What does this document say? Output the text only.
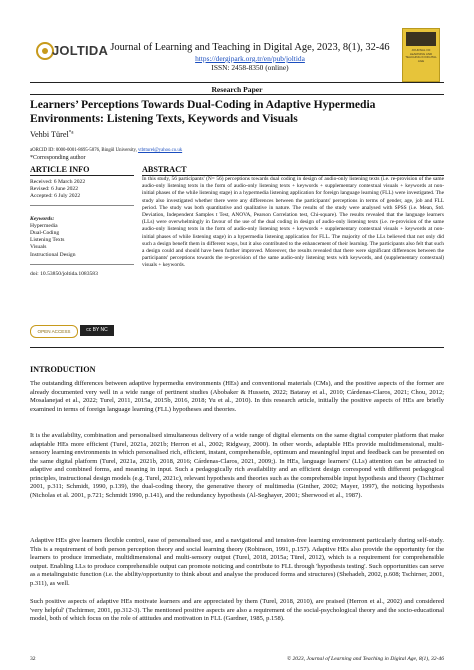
JOLTIDA Journal of Learning and Teaching in Digital Age, 2023, 8(1), 32-46
https://dergipark.org.tr/en/pub/joltida
ISSN: 2458-8350 (online)
JOURNAL OF LEARNING AND TEACHING IN DIGITAL AGE
Research Paper
Learners’ Perceptions Towards Dual-Coding in Adaptive Hypermedia Environments: Listening Texts, Keywords and Visuals
Vehbi Türel$^{*a}$
aORCID ID: 0000-0001-8695-5876, Bingöl University, vtbtturel@yahoo.co.uk
*Corresponding author
ARTICLE INFO
Received: 6 March 2022
Revised: 6 June 2022
Accepted: 6 July 2022
Keywords:
Hypermedia
Dual-Coding
Listening Texts
Visuals
Instructional Design
doi: 10.53850/joltida.1083583
ABSTRACT
In this study, 56 participants' (N= 56) perceptions towards dual coding in design of audio-only listening texts (i.e. re-provision of the same audio-only listening texts in the form of audio-only listening texts + keywords + supplementary contextual visuals + keywords at non-initial phases of the while listening stage) in a hypermedia listening application for foreign language learning (FLL) were investigated. The study also investigated whether there were any differences between the participants' perceptions in terms of gender, age, job and FLL period. The study was both quantitative and qualitative in nature. The results of the study were analysed with SPSS (i.e. Mean, Std. Deviation, Independent Samples t Test, ANOVA, Pearson Correlation test, Chi-square). The results revealed that the language learners (LLs) were overwhelmingly in favour of the use of the dual coding in design of audio-only listening texts (i.e. re-provision of the same audio-only listening texts in the form of audio-only listening texts + keywords + supplementary contextual visuals + keywords at non-initial phases of while listening stage) in a hypermedia listening application for FLL. The majority of the LLs believed that not only did such a design benefit them in different ways, but it also contributed to the enhancement of their learning. The participants also felt that such a design could and should have been further improved. Moreover, the results revealed that there were significant differences between the participants' perceptions towards the re-provision of the same audio-only listening texts with keywords, and (supplementary contextual) visuals + keywords.
OPEN ACCESS	cc BY NC
INTRODUCTION
The outstanding differences between adaptive hypermedia environments (HEs) and conventional materials (CMs), and the positive aspects of the former are already documented very well in a wide range of pertinent studies (Abobaker & Hussein, 2022; Bataray et al., 2010; Cárdenas-Claros, 2021; Chou, 2012; Mosalanejad et al., 2022; Turel, 2011, 2015a, 2015b, 2016, 2018; Yu et al., 2010). In this research article, initially the positive aspects of HEs are briefly examined in terms of foreign language learning (FLL) hypotheses and theories.
It is the availability, combination and personalised simultaneous delivery of a wide range of digital elements on the same digital computer platform that make adaptable HEs more efficient (Turel, 2021a, 2021b; Herron et al., 2002; Ridgway, 2000). In other words, adaptable HEs provide multidimensional, multi-sensory learning environments in which personalised rich, efficient, instant, comprehensible, optimum and meaningful input and feedback can be presented on the same digital platform (Turel, 2021a, 2021b, 2018, 2016; Cárdenas-Claros, 2021, 2009;). In HEs, language learners' (LLs) attention can be attracted to adaptive and combined forms, and meaning in input. Such a pedagogically rich availability and an efficient design correspond with different pedagogical principles, instructional design models (e.g. Turel, 2021c), relevant hypothesis and theories such as the comprehensible input hypothesis and theory (Tschirner 2001, p.311; Schmidt, 1990, p.139), the dual-coding theory, the generative theory of multimedia (Ginther, 2002; Mayer, 1997), the noticing hypothesis (Nicholas et al. 2001, p.721; Schmidt 1990, p.141), and the redundancy hypothesis (Al-Seghayer, 2001; Sherwood et al., 1987).
Adaptive HEs give learners flexible control, ease of personalised use, and a navigational and tension-free learning environment particularly during self-study. This is a requirement of both person perception theory and social learning theory (Robinson, 1991, p.157). Adaptive HEs also provide the opportunity for the learners to produce immediate, multidimensional and multi-sensory output (Turel, 2018, 2015a; Türel, 2012), which is a requirement for comprehensible output. Enabling LLs to produce comprehensible output can promote noticing and contribute to FLL through 'hypothesis testing'. Such opportunities can serve as a metalinguistic function (i.e. the ability/opportunity to think about and analyse the produced forms and structures) (Shehadeh, 2002, p.608; Tschirner, 2001, p.311), as well.
Such positive aspects of adaptive HEs motivate learners and are appreciated by them (Turel, 2018, 2010), are praised (Herron et al., 2002) and considered 'very helpful' (Tschirmer, 2001, pp.312-3). The mentioned positive aspects are also a requirement of the social-psychological theory and the socio-educational model, both of which focus on the role of attitudes and motivation in FLL (Gardner, 1985, p.158).
32	© 2023, Journal of Learning and Teaching in Digital Age, 8(1), 32-46
